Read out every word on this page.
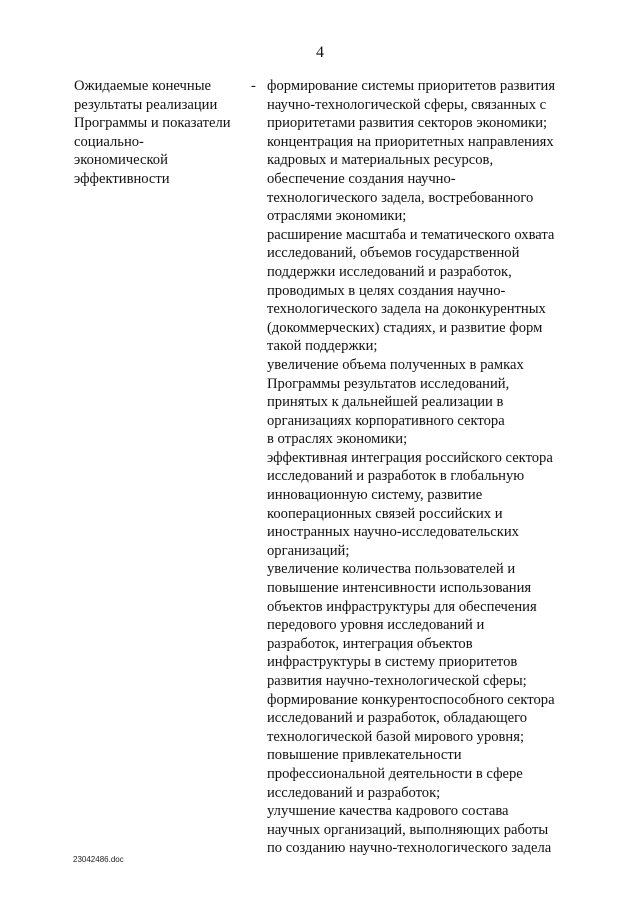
4
Ожидаемые конечные
результаты реализации
Программы и показатели
социально-
экономической
эффективности
- формирование системы приоритетов развития
научно-технологической сферы, связанных с
приоритетами развития секторов экономики;
концентрация на приоритетных направлениях
кадровых и материальных ресурсов,
обеспечение создания научно-
технологического задела, востребованного
отраслями экономики;
расширение масштаба и тематического охвата
исследований, объемов государственной
поддержки исследований и разработок,
проводимых в целях создания научно-
технологического задела на доконкурентных
(докоммерческих) стадиях, и развитие форм
такой поддержки;
увеличение объема полученных в рамках
Программы результатов исследований,
принятых к дальнейшей реализации в
организациях корпоративного сектора
в отраслях экономики;
эффективная интеграция российского сектора
исследований и разработок в глобальную
инновационную систему, развитие
кооперационных связей российских и
иностранных научно-исследовательских
организаций;
увеличение количества пользователей и
повышение интенсивности использования
объектов инфраструктуры для обеспечения
передового уровня исследований и
разработок, интеграция объектов
инфраструктуры в систему приоритетов
развития научно-технологической сферы;
формирование конкурентоспособного сектора
исследований и разработок, обладающего
технологической базой мирового уровня;
повышение привлекательности
профессиональной деятельности в сфере
исследований и разработок;
улучшение качества кадрового состава
научных организаций, выполняющих работы
по созданию научно-технологического задела
23042486.doc
